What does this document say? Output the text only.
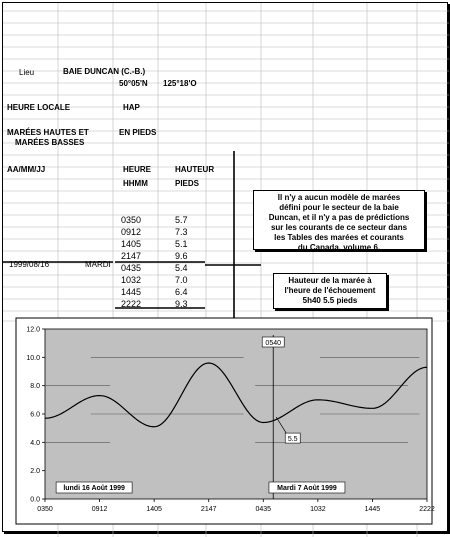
Lieu	BAIE DUNCAN (C.-B.)
50°05'N 125°18'O
HEURE LOCALE	HAP
MARÉES HAUTES ET
MARÉES BASSES
EN PIEDS
AA/MM/JJ	HEURE	HAUTEUR
HHMM	PIEDS
1999/08/16	MARDI
0350	5.7
0912	7.3
1405	5.1
2147	9.6
0435	5.4
1032	7.0
1445	6.4
2222	9.3
Il n'y a aucun modèle de marées
défini pour le secteur de la baie
Duncan, et il n'y a pas de prédictions
sur les courants de ce secteur dans
les Tables des marées et courants
du Canada, volume 6.
Hauteur de la marée à
l'heure de l'échouement
5h40 5.5 pieds
0.0
2.0
4.0
6.0
8.0
10.0
12.0
0350	0912	1405	2147	0435	1032	1445	2222
0540
5.5
lundi 16 Août 1999	Mardi 7 Août 1999
